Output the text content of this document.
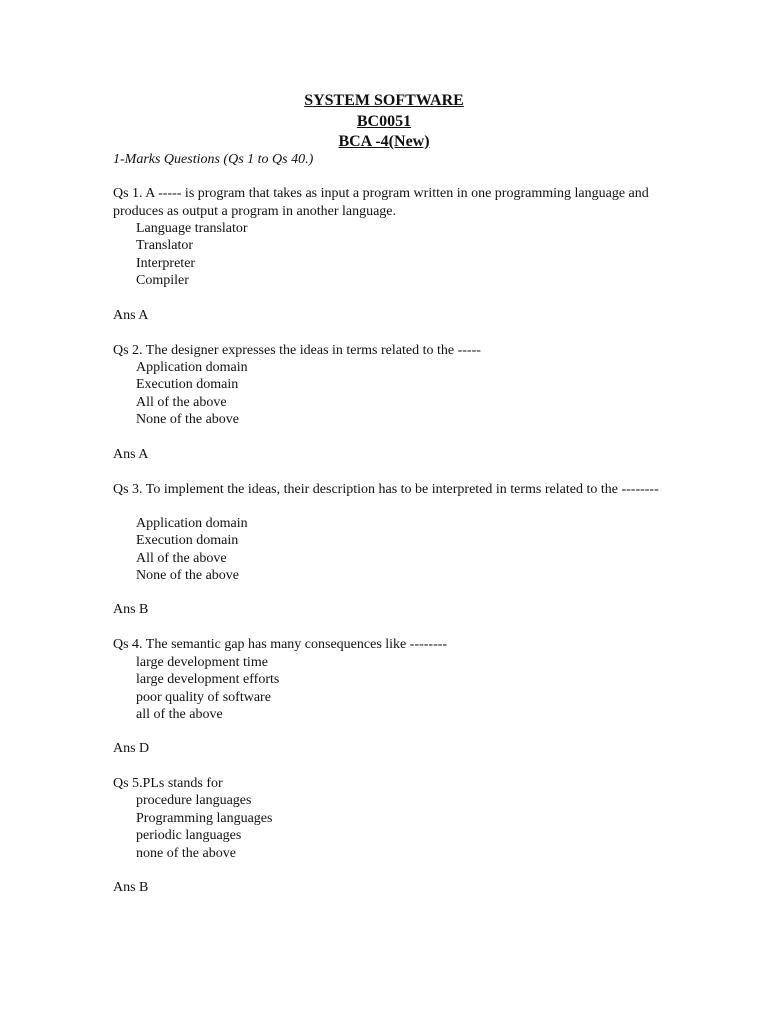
SYSTEM SOFTWARE
BC0051
BCA -4(New)
1-Marks Questions (Qs 1 to Qs 40.)
Qs 1. A ----- is program that takes as input a program written in one programming language and produces as output a program in another language.
Language translator
Translator
Interpreter
Compiler
Ans A
Qs 2. The designer expresses the ideas in terms related to the -----
Application domain
Execution domain
All of the above
None of the above
Ans A
Qs 3. To implement the ideas, their description has to be interpreted in terms related to the --------
Application domain
Execution domain
All of the above
None of the above
Ans B
Qs 4. The semantic gap has many consequences like --------
large development time
large development efforts
poor quality of software
all of the above
Ans D
Qs 5.PLs stands for
procedure languages
Programming languages
periodic languages
none of the above
Ans B
